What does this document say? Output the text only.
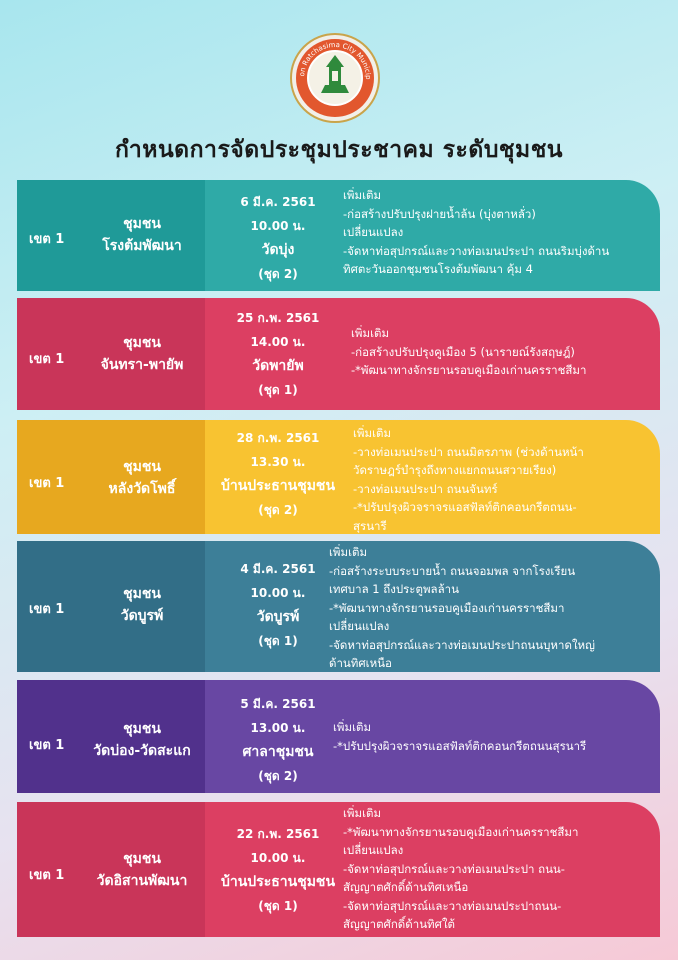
on Ratchasima City Municip
กำหนดการจัดประชุมประชาคม ระดับชุมชน
เขต 1
ชุมชน
โรงต้มพัฒนา
6 มี.ค. 2561
10.00 น.
วัดบุ่ง
(ชุด 2)
เพิ่มเติม
-ก่อสร้างปรับปรุงฝายน้ำล้น (บุ่งตาหลั่ว)
เปลี่ยนแปลง
-จัดหาท่อสุปกรณ์และวางท่อเมนประปา ถนนริมบุ่งด้าน
ทิศตะวันออกชุมชนโรงต้มพัฒนา คุ้ม 4
เขต 1
ชุมชน
จันทรา-พายัพ
25 ก.พ. 2561
14.00 น.
วัดพายัพ
(ชุด 1)
เพิ่มเติม
-ก่อสร้างปรับปรุงคูเมือง 5 (นารายณ์รังสฤษฎ์)
-*พัฒนาทางจักรยานรอบคูเมืองเก่านครราชสีมา
เขต 1
ชุมชน
หลังวัดโพธิ์
28 ก.พ. 2561
13.30 น.
บ้านประธานชุมชน
(ชุด 2)
เพิ่มเติม
-วางท่อเมนประปา ถนนมิตรภาพ (ช่วงด้านหน้า
วัดราษฎร์บำรุงถึงทางแยกถนนสวายเรียง)
-วางท่อเมนประปา ถนนจันทร์
-*ปรับปรุงผิวจราจรแอสฟัลท์ติกคอนกรีตถนน-
สุรนารี
เขต 1
ชุมชน
วัดบูรพ์
4 มี.ค. 2561
10.00 น.
วัดบูรพ์
(ชุด 1)
เพิ่มเติม
-ก่อสร้างระบบระบายน้ำ ถนนจอมพล จากโรงเรียน
เทศบาล 1 ถึงประตูพลล้าน
-*พัฒนาทางจักรยานรอบคูเมืองเก่านครราชสีมา
เปลี่ยนแปลง
-จัดหาท่อสุปกรณ์และวางท่อเมนประปาถนนบุหาดใหญ่
ด้านทิศเหนือ
เขต 1
ชุมชน
วัดบ่อง-วัดสะแก
5 มี.ค. 2561
13.00 น.
ศาลาชุมชน
(ชุด 2)
เพิ่มเติม
-*ปรับปรุงผิวจราจรแอสฟัลท์ติกคอนกรีตถนนสุรนารี
เขต 1
ชุมชน
วัดอิสานพัฒนา
22 ก.พ. 2561
10.00 น.
บ้านประธานชุมชน
(ชุด 1)
เพิ่มเติม
-*พัฒนาทางจักรยานรอบคูเมืองเก่านครราชสีมา
เปลี่ยนแปลง
-จัดหาท่อสุปกรณ์และวางท่อเมนประปา ถนน-
สัญญาตศักดิ์ด้านทิศเหนือ
-จัดหาท่อสุปกรณ์และวางท่อเมนประปาถนน-
สัญญาตศักดิ์ด้านทิศใต้
